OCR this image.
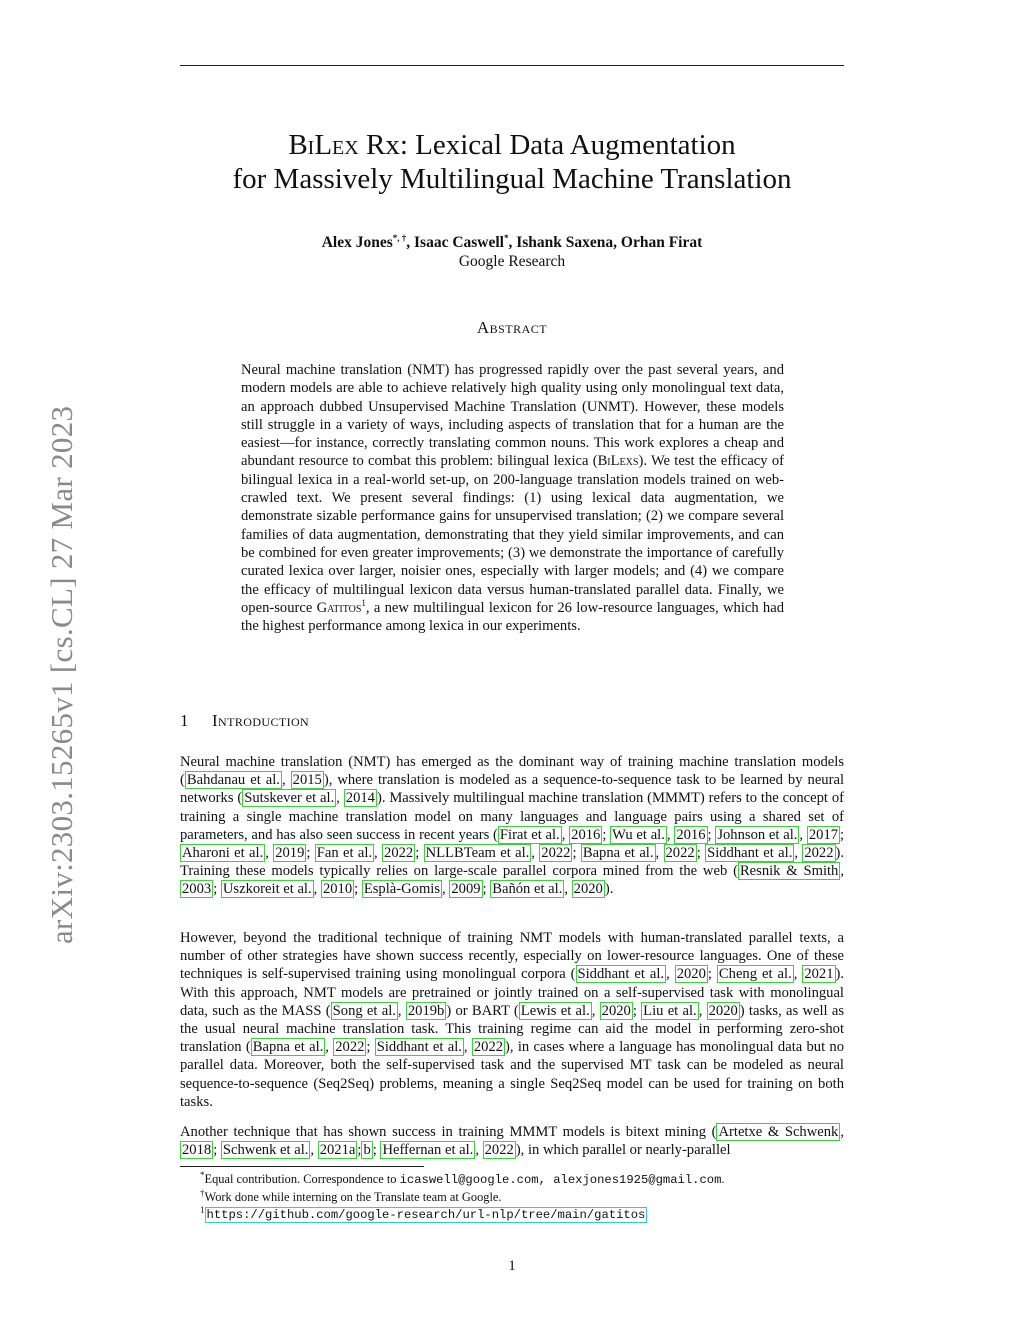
arXiv:2303.15265v1 [cs.CL] 27 Mar 2023
BiLex Rx: Lexical Data Augmentation
for Massively Multilingual Machine Translation
Alex Jones*, †, Isaac Caswell*, Ishank Saxena, Orhan Firat
Google Research
Abstract
Neural machine translation (NMT) has progressed rapidly over the past several years, and modern models are able to achieve relatively high quality using only monolingual text data, an approach dubbed Unsupervised Machine Translation (UNMT). However, these models still struggle in a variety of ways, including aspects of translation that for a human are the easiest—for instance, correctly translating common nouns. This work explores a cheap and abundant resource to combat this problem: bilingual lexica (BiLexs). We test the efficacy of bilingual lexica in a real-world set-up, on 200-language translation models trained on web-crawled text. We present several findings: (1) using lexical data augmentation, we demonstrate sizable performance gains for unsupervised translation; (2) we compare several families of data augmentation, demonstrating that they yield similar improvements, and can be combined for even greater improvements; (3) we demonstrate the importance of carefully curated lexica over larger, noisier ones, especially with larger models; and (4) we compare the efficacy of multilingual lexicon data versus human-translated parallel data. Finally, we open-source Gatitos$^1$, a new multilingual lexicon for 26 low-resource languages, which had the highest performance among lexica in our experiments.
1 Introduction
Neural machine translation (NMT) has emerged as the dominant way of training machine translation models ( Bahdanau et al. , 2015 ), where translation is modeled as a sequence-to-sequence task to be learned by neural networks ( Sutskever et al. , 2014 ). Massively multilingual machine translation (MMMT) refers to the concept of training a single machine translation model on many languages and language pairs using a shared set of parameters, and has also seen success in recent years ( Firat et al. , 2016 ; Wu et al. , 2016 ; Johnson et al. , 2017 ; Aharoni et al. , 2019 ; Fan et al. , 2022 ; NLLBTeam et al. , 2022 ; Bapna et al. , 2022 ; Siddhant et al. , 2022 ). Training these models typically relies on large-scale parallel corpora mined from the web ( Resnik & Smith , 2003 ; Uszkoreit et al. , 2010 ; Esplà-Gomis , 2009 ; Bañón et al. , 2020 ).
However, beyond the traditional technique of training NMT models with human-translated parallel texts, a number of other strategies have shown success recently, especially on lower-resource languages. One of these techniques is self-supervised training using monolingual corpora ( Siddhant et al. , 2020 ; Cheng et al. , 2021 ). With this approach, NMT models are pretrained or jointly trained on a self-supervised task with monolingual data, such as the MASS ( Song et al. , 2019b ) or BART ( Lewis et al. , 2020 ; Liu et al. , 2020 ) tasks, as well as the usual neural machine translation task. This training regime can aid the model in performing zero-shot translation ( Bapna et al. , 2022 ; Siddhant et al. , 2022 ), in cases where a language has monolingual data but no parallel data. Moreover, both the self-supervised task and the supervised MT task can be modeled as neural sequence-to-sequence (Seq2Seq) problems, meaning a single Seq2Seq model can be used for training on both tasks.
Another technique that has shown success in training MMMT models is bitext mining ( Artetxe & Schwenk , 2018 ; Schwenk et al. , 2021a ; b ; Heffernan et al. , 2022 ), in which parallel or nearly-parallel
*Equal contribution. Correspondence to icaswell@google.com, alexjones1925@gmail.com.
†Work done while interning on the Translate team at Google.
$^1$ https://github.com/google-research/url-nlp/tree/main/gatitos
1
